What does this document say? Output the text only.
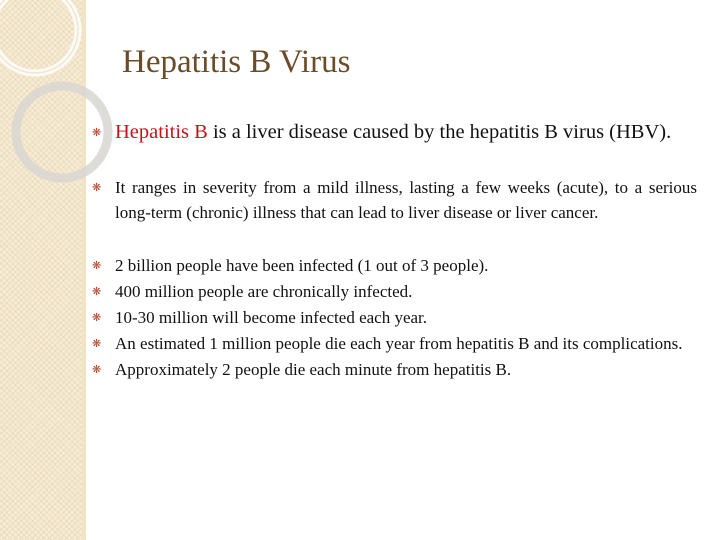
Hepatitis B Virus
❋ Hepatitis B is a liver disease caused by the hepatitis B virus (HBV).
❋ It ranges in severity from a mild illness, lasting a few weeks (acute), to a serious long-term (chronic) illness that can lead to liver disease or liver cancer.
❋ 2 billion people have been infected (1 out of 3 people).
❋ 400 million people are chronically infected.
❋ 10-30 million will become infected each year.
❋ An estimated 1 million people die each year from hepatitis B and its complications.
❋ Approximately 2 people die each minute from hepatitis B.
